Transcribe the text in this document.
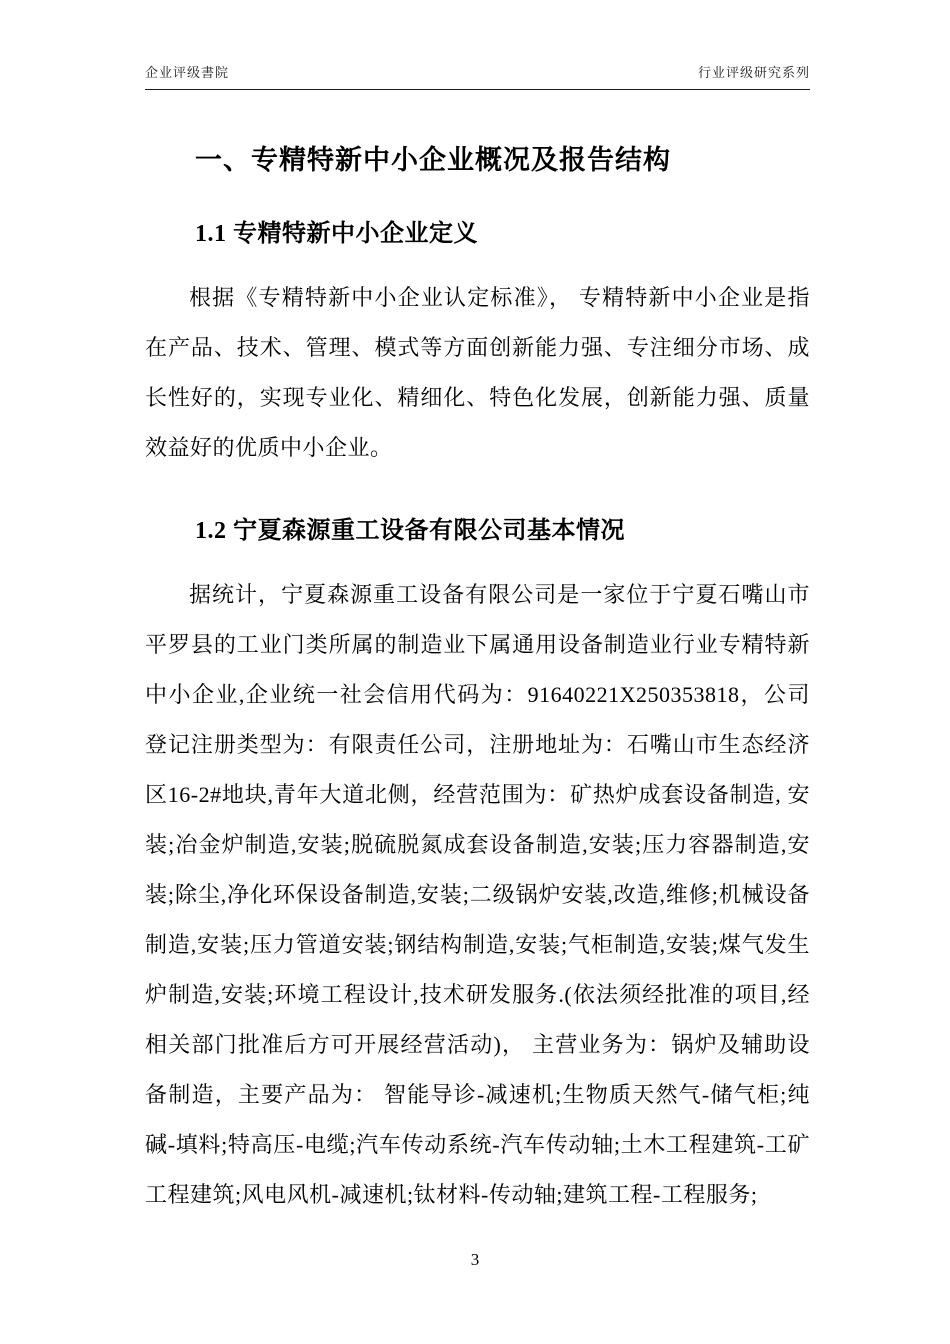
企业评级書院	行业评级研究系列
一、专精特新中小企业概况及报告结构
1.1 专精特新中小企业定义

根据《专精特新中小企业认定标准》， 专精特新中小企业是指在产品、技术、管理、模式等方面创新能力强、专注细分市场、成长性好的，实现专业化、精细化、特色化发展，创新能力强、质量效益好的优质中小企业。

1.2 宁夏森源重工设备有限公司基本情况

据统计，宁夏森源重工设备有限公司是一家位于宁夏石嘴山市平罗县的工业门类所属的制造业下属通用设备制造业行业专精特新中小企业,企业统一社会信用代码为：91640221X250353818，公司登记注册类型为：有限责任公司，注册地址为：石嘴山市生态经济区16-2#地块,青年大道北侧，经营范围为：矿热炉成套设备制造, 安装;冶金炉制造,安装;脱硫脱氮成套设备制造,安装;压力容器制造,安装;除尘,净化环保设备制造,安装;二级锅炉安装,改造,维修;机械设备制造,安装;压力管道安装;钢结构制造,安装;气柜制造,安装;煤气发生炉制造,安装;环境工程设计,技术研发服务.(依法须经批准的项目,经相关部门批准后方可开展经营活动)， 主营业务为：锅炉及辅助设备制造，主要产品为： 智能导诊-减速机;生物质天然气-储气柜;纯碱-填料;特高压-电缆;汽车传动系统-汽车传动轴;土木工程建筑-工矿工程建筑;风电风机-减速机;钛材料-传动轴;建筑工程-工程服务;

3
